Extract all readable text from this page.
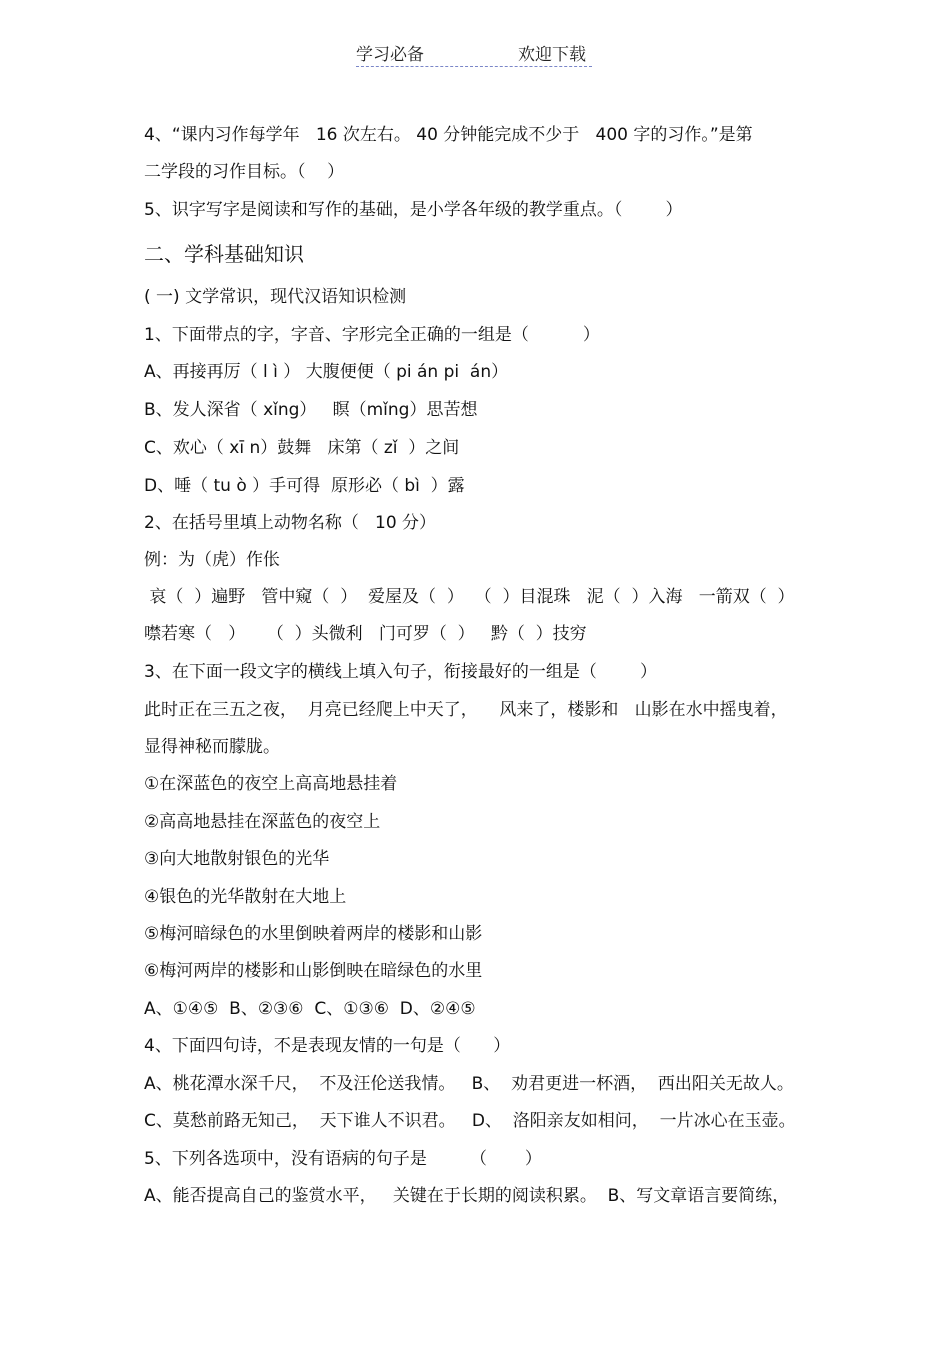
学习必备	欢迎下载
4、“课内习作每学年   16 次左右。 40 分钟能完成不少于   400 字的习作。”是第
二学段的习作目标。（    ）
5、识字写字是阅读和写作的基础，是小学各年级的教学重点。（        ）
二、学科基础知识
( 一) 文学常识，现代汉语知识检测
1、下面带点的字，字音、字形完全正确的一组是（          ）
A、再接再厉（ l ì ） 大腹便便（ pi án pi  án）
B、发人深省（ xǐng）   瞑（mǐng）思苦想
C、欢心（ xī n）鼓舞   床第（ zǐ  ）之间
D、唾（ tu ò ）手可得  原形必（ bì  ）露
2、在括号里填上动物名称（   10 分）
例：为（虎）作伥
哀（  ）遍野   管中窥（  ）  爱屋及（  ）  （  ）目混珠   泥（  ）入海   一箭双（  ）
噤若寒（   ）    （  ）头微利   门可罗（  ）   黔（  ）技穷
3、在下面一段文字的横线上填入句子，衔接最好的一组是（        ）
此时正在三五之夜，  月亮已经爬上中天了，    风来了，楼影和   山影在水中摇曳着，
显得神秘而朦胧。
①在深蓝色的夜空上高高地悬挂着
②高高地悬挂在深蓝色的夜空上
③向大地散射银色的光华
④银色的光华散射在大地上
⑤梅河暗绿色的水里倒映着两岸的楼影和山影
⑥梅河两岸的楼影和山影倒映在暗绿色的水里
A、①④⑤  B、②③⑥  C、①③⑥  D、②④⑤
4、下面四句诗，不是表现友情的一句是（      ）
A、桃花潭水深千尺，  不及汪伦送我情。   B、  劝君更进一杯酒，  西出阳关无故人。
C、莫愁前路无知己，  天下谁人不识君。   D、  洛阳亲友如相问，  一片冰心在玉壶。
5、下列各选项中，没有语病的句子是        （       ）
A、能否提高自己的鉴赏水平，   关键在于长期的阅读积累。  B、写文章语言要简练，
